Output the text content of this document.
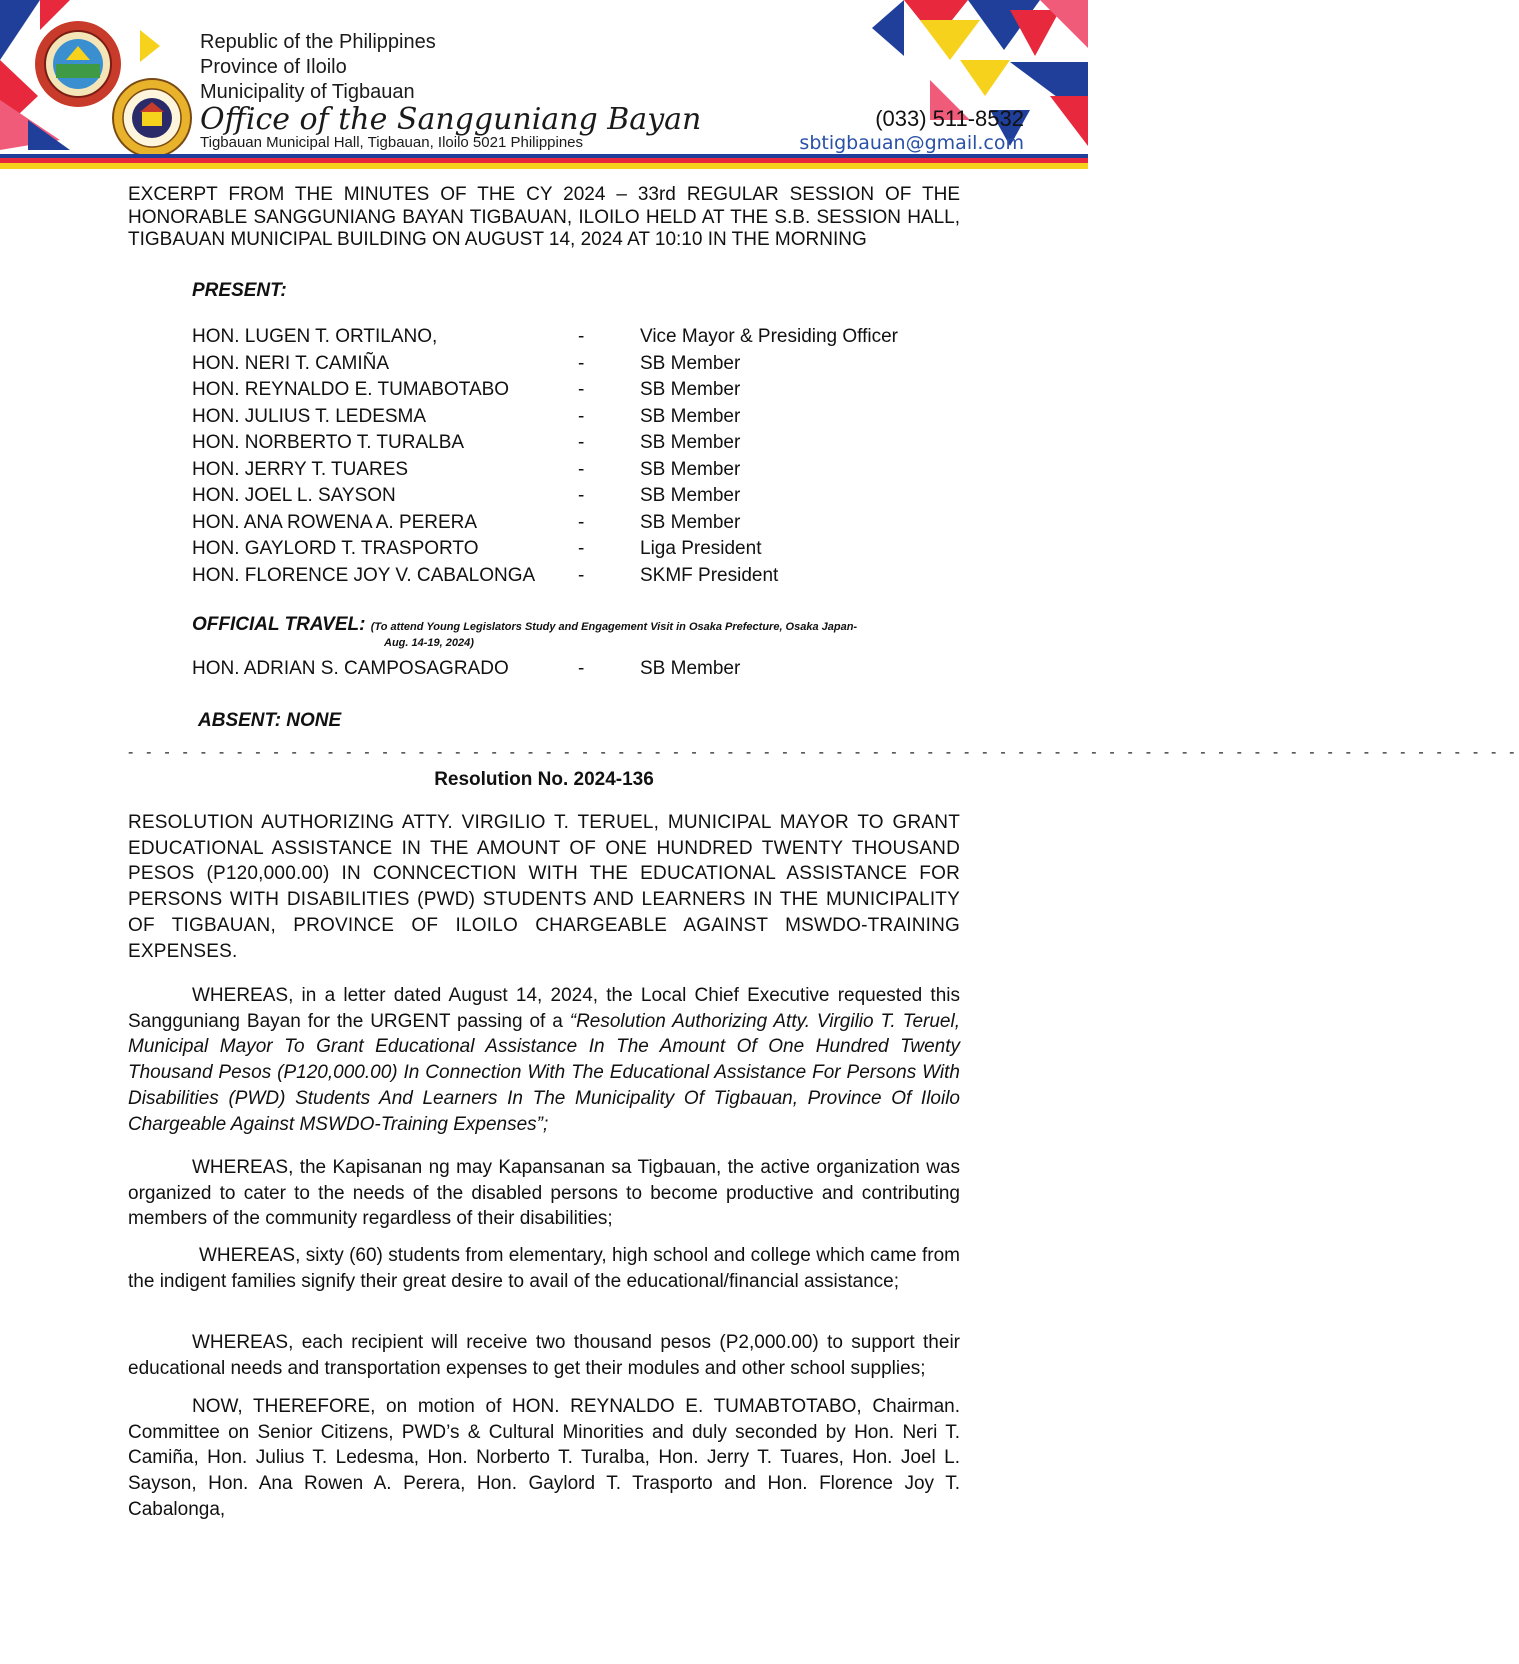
Republic of the Philippines
Province of Iloilo
Municipality of Tigbauan
Office of the Sangguniang Bayan
Tigbauan Municipal Hall, Tigbauan, Iloilo 5021 Philippines
(033) 511-8532
sbtigbauan@gmail.com
EXCERPT FROM THE MINUTES OF THE CY 2024 – 33rd REGULAR SESSION OF THE HONORABLE SANGGUNIANG BAYAN TIGBAUAN, ILOILO HELD AT THE S.B. SESSION HALL, TIGBAUAN MUNICIPAL BUILDING ON AUGUST 14, 2024 AT 10:10 IN THE MORNING
PRESENT:
HON. LUGEN T. ORTILANO,	-	Vice Mayor & Presiding Officer
HON. NERI T. CAMIÑA	-	SB Member
HON. REYNALDO E. TUMABOTABO	-	SB Member
HON. JULIUS T. LEDESMA	-	SB Member
HON. NORBERTO T. TURALBA	-	SB Member
HON. JERRY T. TUARES	-	SB Member
HON. JOEL L. SAYSON	-	SB Member
HON. ANA ROWENA A. PERERA	-	SB Member
HON. GAYLORD T. TRASPORTO	-	Liga President
HON. FLORENCE JOY V. CABALONGA -	SKMF President
OFFICIAL TRAVEL: (To attend Young Legislators Study and Engagement Visit in Osaka Prefecture, Osaka Japan-
Aug. 14-19, 2024)
HON. ADRIAN S. CAMPOSAGRADO	-	SB Member
ABSENT: NONE
- - - - - - - - - - - - - - - - - - - - - - - - - - - - - - - - - - - - - - - - - - - - - - - - - - - - - - - - - - - - - - - - - - - - - - - - - - - - -
Resolution No. 2024-136

RESOLUTION AUTHORIZING ATTY. VIRGILIO T. TERUEL, MUNICIPAL MAYOR TO GRANT EDUCATIONAL ASSISTANCE IN THE AMOUNT OF ONE HUNDRED TWENTY THOUSAND PESOS (P120,000.00) IN CONNCECTION WITH THE EDUCATIONAL ASSISTANCE FOR PERSONS WITH DISABILITIES (PWD) STUDENTS AND LEARNERS IN THE MUNICIPALITY OF TIGBAUAN, PROVINCE OF ILOILO CHARGEABLE AGAINST MSWDO-TRAINING EXPENSES.

WHEREAS, in a letter dated August 14, 2024, the Local Chief Executive requested this Sangguniang Bayan for the URGENT passing of a “Resolution Authorizing Atty. Virgilio T. Teruel, Municipal Mayor To Grant Educational Assistance In The Amount Of One Hundred Twenty Thousand Pesos (P120,000.00) In Connection With The Educational Assistance For Persons With Disabilities (PWD) Students And Learners In The Municipality Of Tigbauan, Province Of Iloilo Chargeable Against MSWDO-Training Expenses”;

WHEREAS, the Kapisanan ng may Kapansanan sa Tigbauan, the active organization was organized to cater to the needs of the disabled persons to become productive and contributing members of the community regardless of their disabilities;

WHEREAS, sixty (60) students from elementary, high school and college which came from the indigent families signify their great desire to avail of the educational/financial assistance;

WHEREAS, each recipient will receive two thousand pesos (P2,000.00) to support their educational needs and transportation expenses to get their modules and other school supplies;

NOW, THEREFORE, on motion of HON. REYNALDO E. TUMABTOTABO, Chairman. Committee on Senior Citizens, PWD’s & Cultural Minorities and duly seconded by Hon. Neri T. Camiña, Hon. Julius T. Ledesma, Hon. Norberto T. Turalba, Hon. Jerry T. Tuares, Hon. Joel L. Sayson, Hon. Ana Rowen A. Perera, Hon. Gaylord T. Trasporto and Hon. Florence Joy T. Cabalonga,
